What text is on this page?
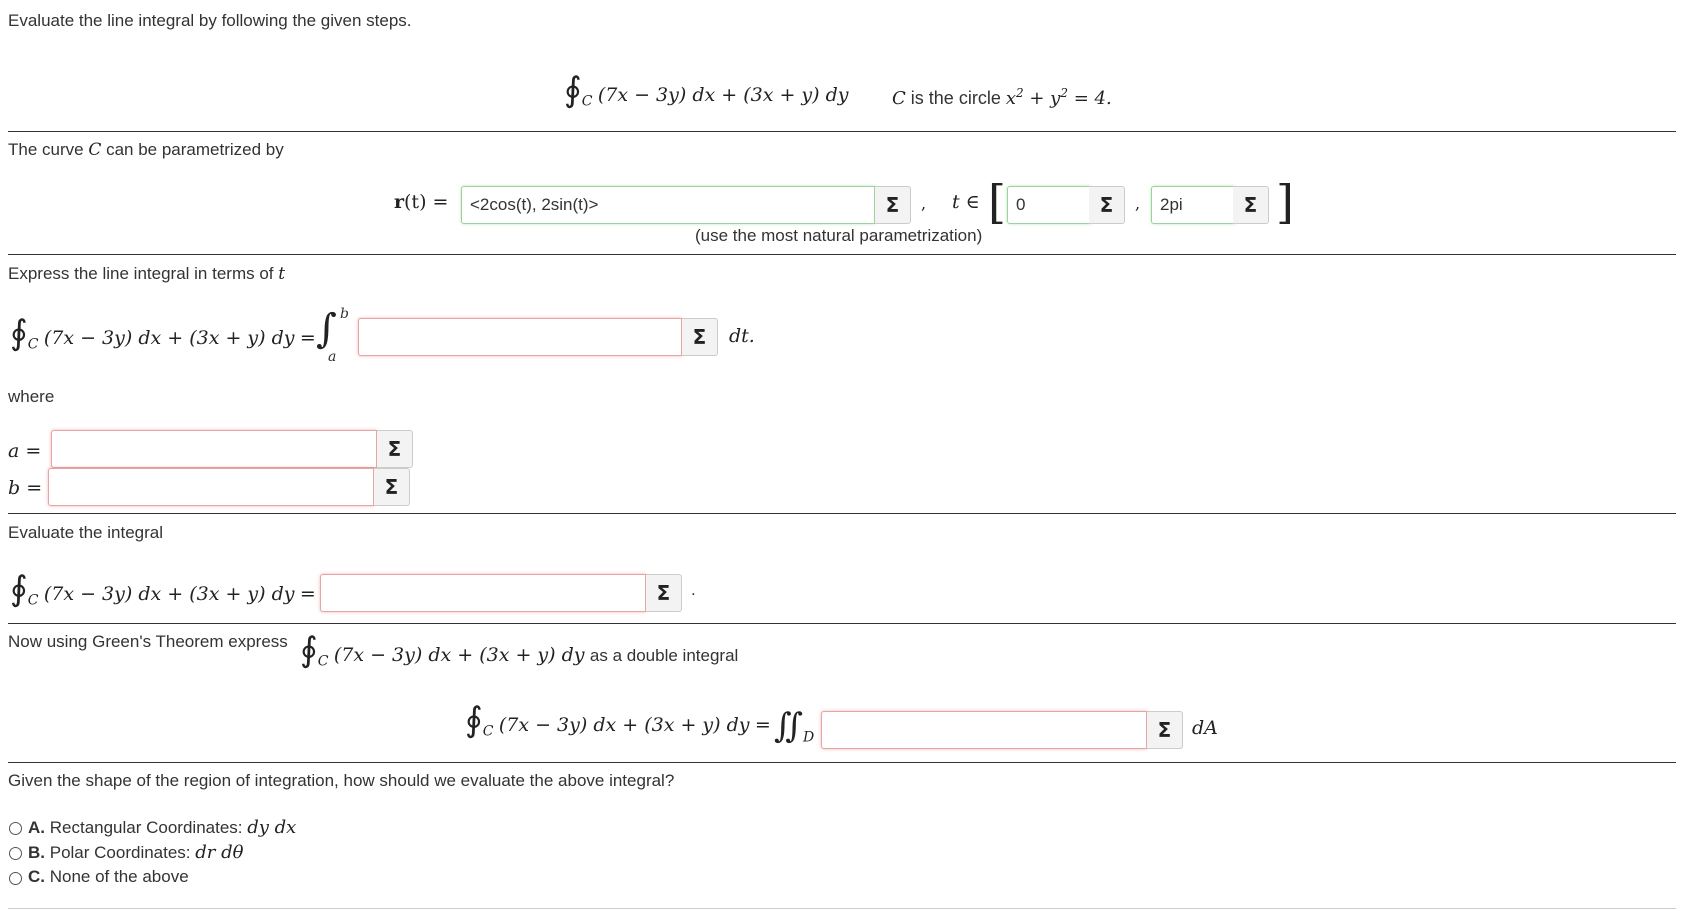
Evaluate the line integral by following the given steps.
$∮_C$ (7x − 3y) dx + (3x + y) dy C is the circle $x^2 + y^2 = 4$.
The curve C can be parametrized by
r(t) =	<2cos(t), 2sin(t)>	Σ	, t ∈ [ 0	Σ	,	2pi	Σ ]
(use the most natural parametrization)
Express the line integral in terms of t
$∮_C$ (7x − 3y) dx + (3x + y) dy = ∫ b
a
Σ	dt.
where
a =	Σ
b =	Σ
Evaluate the integral
$∮_C$ (7x − 3y) dx + (3x + y) dy =	Σ	.
Now using Green's Theorem express $∮_C$ (7x − 3y) dx + (3x + y) dy as a double integral
$∮_C$ (7x − 3y) dx + (3x + y) dy = $∬_D$	Σ	dA
Given the shape of the region of integration, how should we evaluate the above integral?
A. Rectangular Coordinates: dy dx
B. Polar Coordinates: dr dθ
C. None of the above
